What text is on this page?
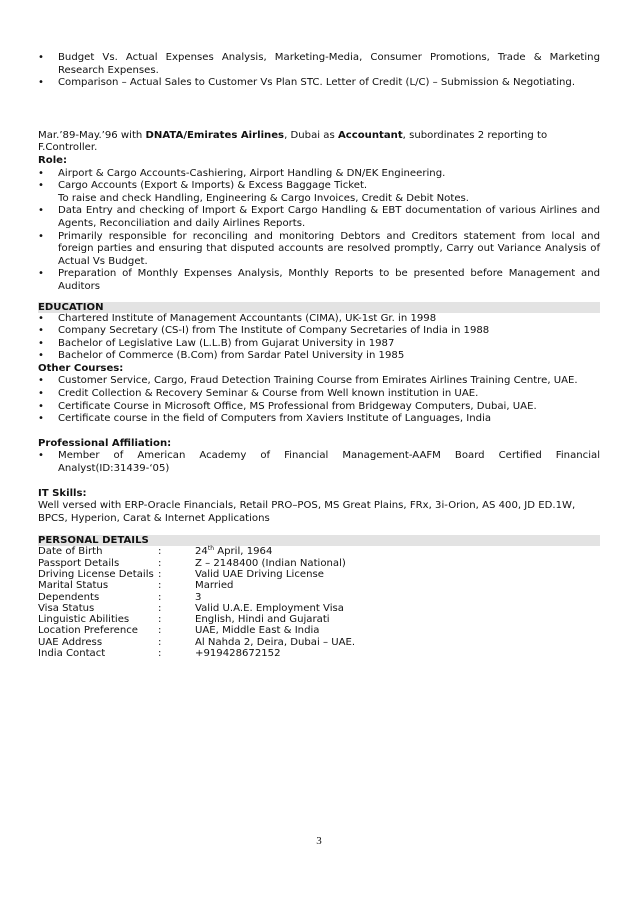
• Budget Vs. Actual Expenses Analysis, Marketing-Media, Consumer Promotions, Trade & Marketing Research Expenses.
• Comparison – Actual Sales to Customer Vs Plan STC. Letter of Credit (L/C) – Submission & Negotiating.

Mar.’89-May.’96 with DNATA/Emirates Airlines, Dubai as Accountant, subordinates 2 reporting to F.Controller.

Role:

• Airport & Cargo Accounts-Cashiering, Airport Handling & DN/EK Engineering.
• Cargo Accounts (Export & Imports) & Excess Baggage Ticket.
To raise and check Handling, Engineering & Cargo Invoices, Credit & Debit Notes.
• Data Entry and checking of Import & Export Cargo Handling & EBT documentation of various Airlines and Agents, Reconciliation and daily Airlines Reports.
• Primarily responsible for reconciling and monitoring Debtors and Creditors statement from local and foreign parties and ensuring that disputed accounts are resolved promptly, Carry out Variance Analysis of Actual Vs Budget.
• Preparation of Monthly Expenses Analysis, Monthly Reports to be presented before Management and Auditors
EDUCATION
• Chartered Institute of Management Accountants (CIMA), UK-1st Gr. in 1998
• Company Secretary (CS-I) from The Institute of Company Secretaries of India in 1988
• Bachelor of Legislative Law (L.L.B) from Gujarat University in 1987
• Bachelor of Commerce (B.Com) from Sardar Patel University in 1985

Other Courses:

• Customer Service, Cargo, Fraud Detection Training Course from Emirates Airlines Training Centre, UAE.
• Credit Collection & Recovery Seminar & Course from Well known institution in UAE.
• Certificate Course in Microsoft Office, MS Professional from Bridgeway Computers, Dubai, UAE.
• Certificate course in the field of Computers from Xaviers Institute of Languages, India

Professional Affiliation:

• Member of American Academy of Financial Management-AAFM Board Certified Financial Analyst(ID:31439-‘05)

IT Skills:

Well versed with ERP-Oracle Financials, Retail PRO–POS, MS Great Plains, FRx, 3i-Orion, AS 400, JD ED.1W, BPCS, Hyperion, Carat & Internet Applications

PERSONAL DETAILS
Date of Birth	:	24th April, 1964
Passport Details	:	Z – 2148400 (Indian National)
Driving License Details	:	Valid UAE Driving License
Marital Status	:	Married
Dependents	:	3
Visa Status	:	Valid U.A.E. Employment Visa
Linguistic Abilities	:	English, Hindi and Gujarati
Location Preference	:	UAE, Middle East & India
UAE Address	:	Al Nahda 2, Deira, Dubai – UAE.
India Contact	:	+919428672152
3
